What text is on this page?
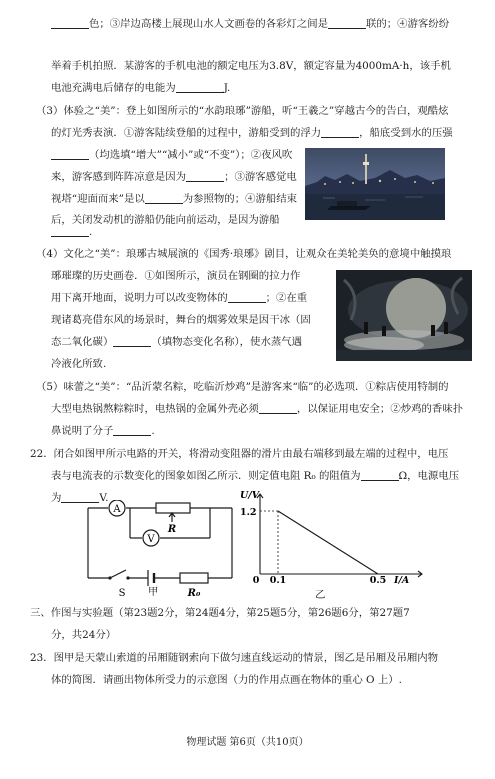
色；③岸边高楼上展现山水人文画卷的各彩灯之间是	联的；④游客纷纷
举着手机拍照．某游客的手机电池的额定电压为3.8V，额定容量为4000mA·h，该手机
电池充满电后储存的电能为	J.
（3）体验之“美”：登上如图所示的“水韵琅琊”游船，听“王羲之”穿越古今的告白，观酷炫
的灯光秀表演．①游客陆续登船的过程中，游船受到的浮力	，船底受到水的压强
（均选填“增大”“减小”或“不变”）；②夜风吹
来，游客感到阵阵凉意是因为	；③游客感觉电
视塔“迎面而来”是以	为参照物的；④游船结束
后，关闭发动机的游船仍能向前运动，是因为游船
.
（4）文化之“美”：琅琊古城展演的《国秀·琅琊》剧目，让观众在美轮美奂的意境中触摸琅
琊璀璨的历史画卷．①如图所示，演员在钢圈的拉力作
用下离开地面，说明力可以改变物体的	；②在重
现诸葛亮借东风的场景时，舞台的烟雾效果是因干冰（固
态二氧化碳）	（填物态变化名称），使水蒸气遇
冷液化所致.
（5）味蕾之“美”：“品沂蒙名粽，吃临沂炒鸡”是游客来“临”的必选项．①粽店使用特制的
大型电热锅熬粽粽时，电热锅的金属外壳必须	，以保证用电安全；②炒鸡的香味扑
鼻说明了分子	.
22．闭合如图甲所示电路的开关，将滑动变阻器的滑片由最右端移到最左端的过程中，电压
表与电流表的示数变化的图象如图乙所示．则定值电阻 R₀ 的阻值为	Ω，电源电压
为	V.
A
V
R
S	R₀
甲
U/V
1.2
0 0.1	0.5 I/A
乙
三、作图与实验题（第23题2分，第24题4分，第25题5分，第26题6分，第27题7
分，共24分）
23．图甲是天蒙山索道的吊厢随钢索向下做匀速直线运动的情景，图乙是吊厢及吊厢内物
体的简图．请画出物体所受力的示意图（力的作用点画在物体的重心 O 上）.
物理试题 第6页（共10页）
